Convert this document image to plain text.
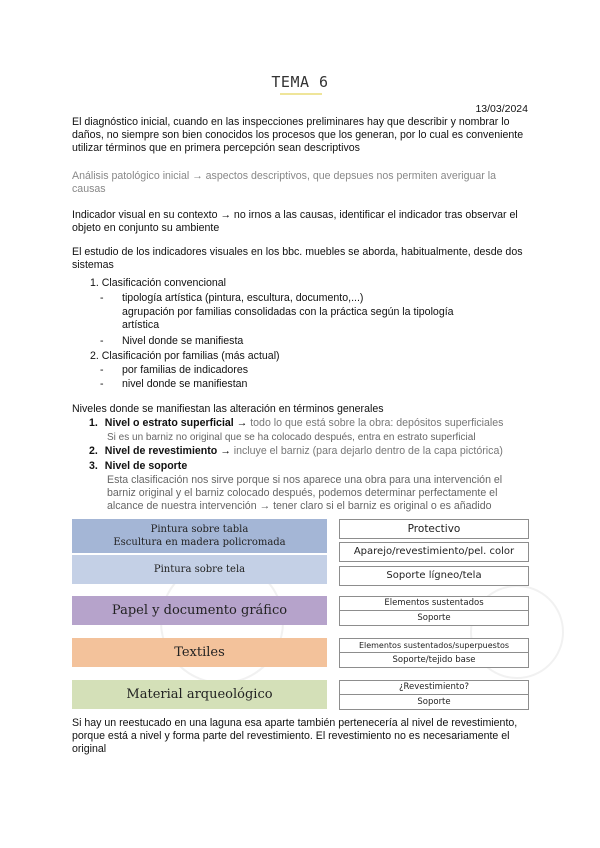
TEMA 6
13/03/2024
El diagnóstico inicial, cuando en las inspecciones preliminares hay que describir y nombrar lo daños, no siempre son bien conocidos los procesos que los generan, por lo cual es conveniente utilizar términos que en primera percepción sean descriptivos
Análisis patológico inicial → aspectos descriptivos, que depsues nos permiten averiguar la causas
Indicador visual en su contexto → no irnos a las causas, identificar el indicador tras observar el objeto en conjunto su ambiente
El estudio de los indicadores visuales en los bbc. muebles se aborda, habitualmente, desde dos sistemas
1. Clasificación convencional
- tipología artística (pintura, escultura, documento,...)
agrupación por familias consolidadas con la práctica según la tipología artística
- Nivel donde se manifiesta
2. Clasificación por familias (más actual)
- por familias de indicadores
- nivel donde se manifiestan
Niveles donde se manifiestan las alteración en términos generales
1. Nivel o estrato superficial → todo lo que está sobre la obra: depósitos superficiales
Si es un barniz no original que se ha colocado después, entra en estrato superficial
2. Nivel de revestimiento → incluye el barniz (para dejarlo dentro de la capa pictórica)
3. Nivel de soporte
Esta clasificación nos sirve porque si nos aparece una obra para una intervención el barniz original y el barniz colocado después, podemos determinar perfectamente el alcance de nuestra intervención → tener claro si el barniz es original o es añadido
Pintura sobre tabla
Escultura en madera policromada
Pintura sobre tela
Papel y documento gráfico
Textiles
Material arqueológico
Protectivo
Aparejo/revestimiento/pel. color
Soporte lígneo/tela
Elementos sustentados
Soporte
Elementos sustentados/superpuestos
Soporte/tejido base
¿Revestimiento?
Soporte
Si hay un reestucado en una laguna esa aparte también pertenecería al nivel de revestimiento, porque está a nivel y forma parte del revestimiento. El revestimiento no es necesariamente el original
